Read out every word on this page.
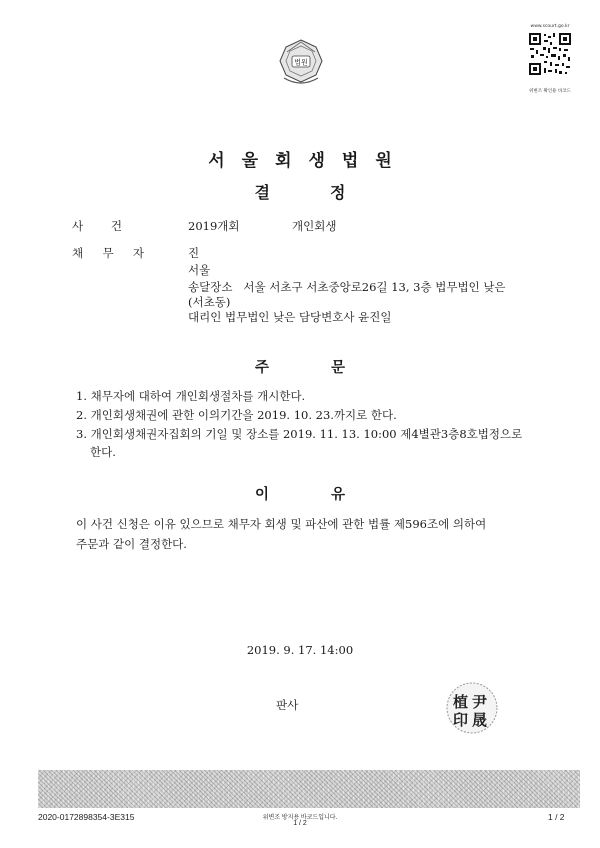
법원
www.scourt.go.kr
위변조 확인용 바코드
서울회생법원
결	정
사 건	2019개회	개인회생
채 무 자	진
서울
송달장소   서울 서초구 서초중앙로26길 13, 3층 법무법인 낮은
(서초동)
대리인 법무법인 낮은 담당변호사 윤진일
주	문
1. 채무자에 대하여 개인회생절차를 개시한다.
2. 개인회생채권에 관한 이의기간을 2019. 10. 23.까지로 한다.
3. 개인회생채권자집회의 기일 및 장소를 2019. 11. 13. 10:00 제4별관3층8호법정으로
한다.
이	유
이 사건 신청은 이유 있으므로 채무자 회생 및 파산에 관한 법률 제596조에 의하여
주문과 같이 결정한다.
2019. 9. 17. 14:00
판사	植 尹
印 晟
2020-0172898354-3E315	위변조 방지용 바코드입니다.
1 / 2
1 / 2
